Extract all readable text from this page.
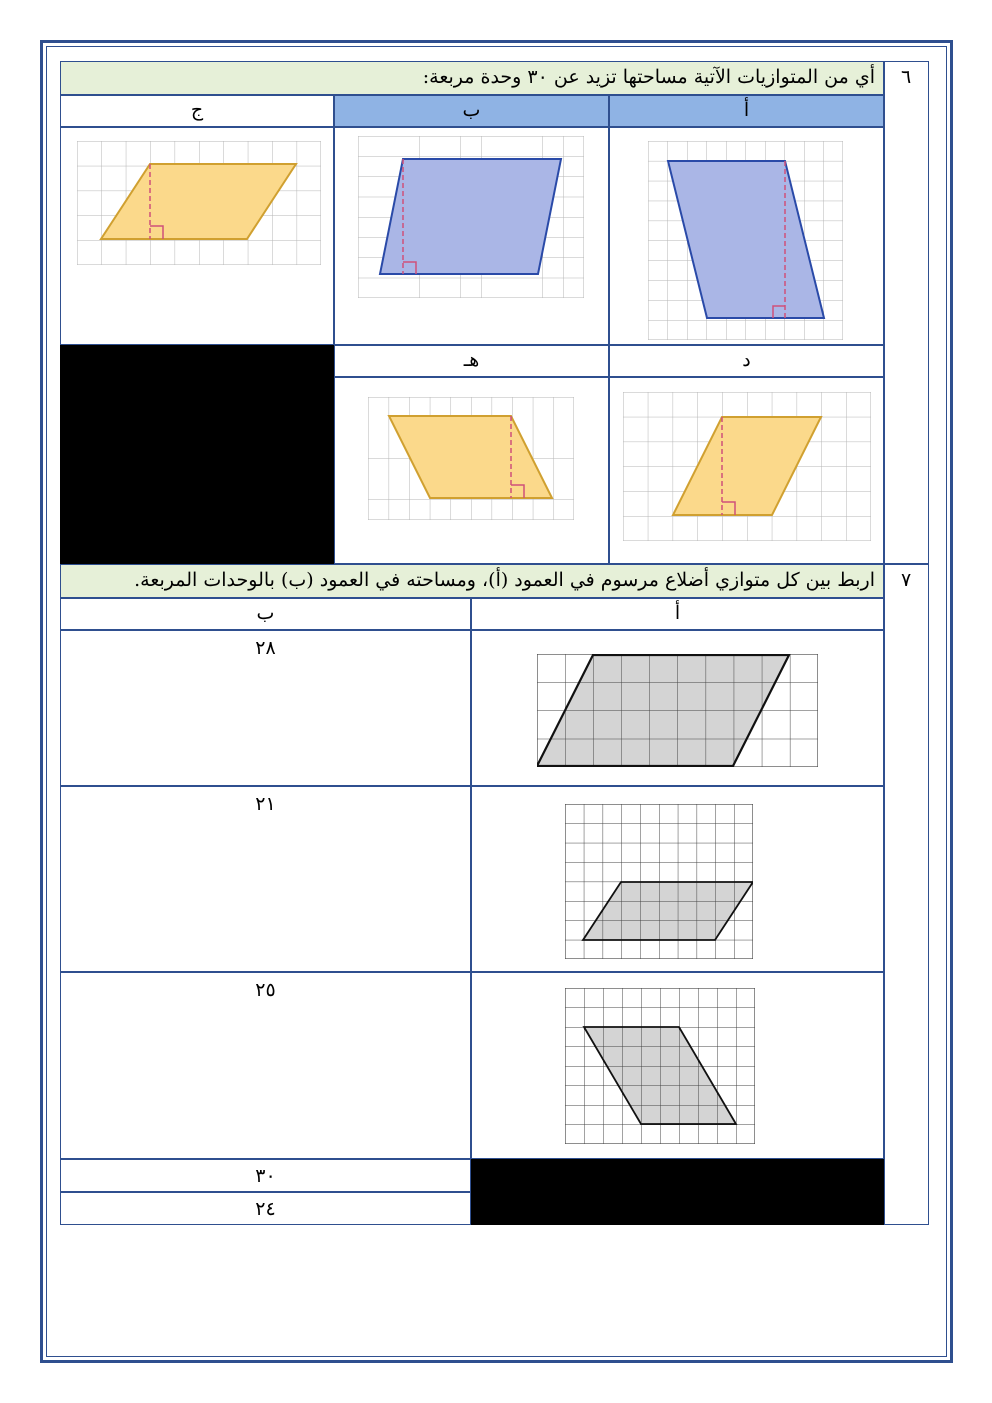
٦
أي من المتوازيات الآتية مساحتها تزيد عن ٣٠ وحدة مربعة:
أ
ب
ج
د
هـ
٧
اربط بين كل متوازي أضلاع مرسوم في العمود (أ)، ومساحته في العمود (ب) بالوحدات المربعة.
أ
ب
٢٨
٢١
٢٥
٣٠
٢٤
